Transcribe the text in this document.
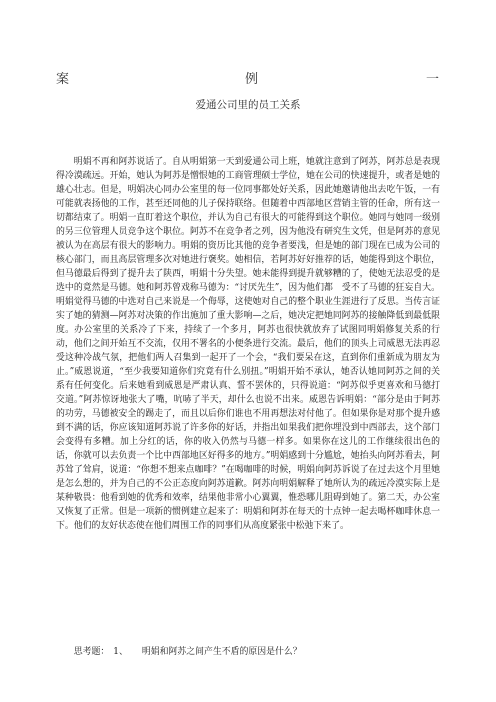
案	例	一
爱通公司里的员工关系

明娟不再和阿苏说话了。自从明娟第一天到爱通公司上班，她就注意到了阿苏，阿苏总是表现得冷漠疏远。开始，她认为阿苏是憎恨她的工商管理硕士学位，她在公司的快速提升，或者是她的雄心壮志。但是，明娟决心同办公室里的每一位同事都处好关系，因此她邀请他出去吃午饭，一有可能就表扬他的工作，甚至还同他的儿子保持联络。但随着中西部地区营销主管的任命，所有这一切都结束了。明娟一直盯着这个职位，并认为自己有很大的可能得到这个职位。她同与她同一级别的另三位管理人员竞争这个职位。阿苏不在竞争者之列，因为他没有研究生文凭，但是阿苏的意见被认为在高层有很大的影响力。明娟的资历比其他的竞争者要浅，但是她的部门现在已成为公司的核心部门，而且高层管理多次对她进行褒奖。她相信，若阿苏好好推荐的话，她能得到这个职位，但马德最后得到了提升去了陕西，明娟十分失望。她未能得到提升就够糟的了，使她无法忍受的是选中的竟然是马德。她和阿苏曾戏称马德为：“讨厌先生”，因为他们都　受不了马德的狂妄自大。明娟觉得马德的中选对自己来说是一个侮辱，这使她对自己的整个职业生涯进行了反思。当传言证实了她的猜测—阿苏对决策的作出施加了重大影响—之后，她决定把她同阿苏的接触降低到最低限度。办公室里的关系冷了下来，持续了一个多月，阿苏也很快就放弃了试图同明娟修复关系的行动，他们之间开始互不交流，仅用不署名的小便条进行交流。最后，他们的顶头上司威恩无法再忍受这种冷战气氛，把他们两人召集到一起开了一个会，“我们要呆在这，直到你们重新成为朋友为止。”威恩说道，“至少我要知道你们究竟有什么别扭。”明娟开始不承认，她否认她同阿苏之间的关系有任何变化。后来她看到威恩是严肃认真、誓不罢休的，只得说道：“阿苏似乎更喜欢和马德打交道。”阿苏惊讶地张大了嘴，吭哧了半天，却什么也说不出来。威恩告诉明娟：“部分是由于阿苏的功劳，马德被安全的踢走了，而且以后你们谁也不用再想法对付他了。但如果你是对那个提升感到不满的话，你应该知道阿苏说了许多你的好话，并指出如果我们把你埋没到中西部去，这个部门会变得有多糟。加上分红的话，你的收入仍然与马德一样多。如果你在这儿的工作继续很出色的话，你就可以去负责一个比中西部地区好得多的地方。”明娟感到十分尴尬，她抬头向阿苏看去，阿苏耸了耸肩，说道：“你想不想来点咖啡？”在喝咖啡的时候，明娟向阿苏诉说了在过去这个月里她是怎么想的，并为自己的不公正态度向阿苏道歉。阿苏向明娟解释了她所认为的疏远冷漠实际上是某种敬畏：他看到她的优秀和效率，结果他非常小心翼翼，惟恐哪儿阻碍到她了。第二天，办公室又恢复了正常。但是一项新的惯例建立起来了：明娟和阿苏在每天的十点钟一起去喝杯咖啡休息一下。他们的友好状态使在他们周围工作的同事们从高度紧张中松弛下来了。

思考题： 1、 明娟和阿苏之间产生不盾的原因是什么？
